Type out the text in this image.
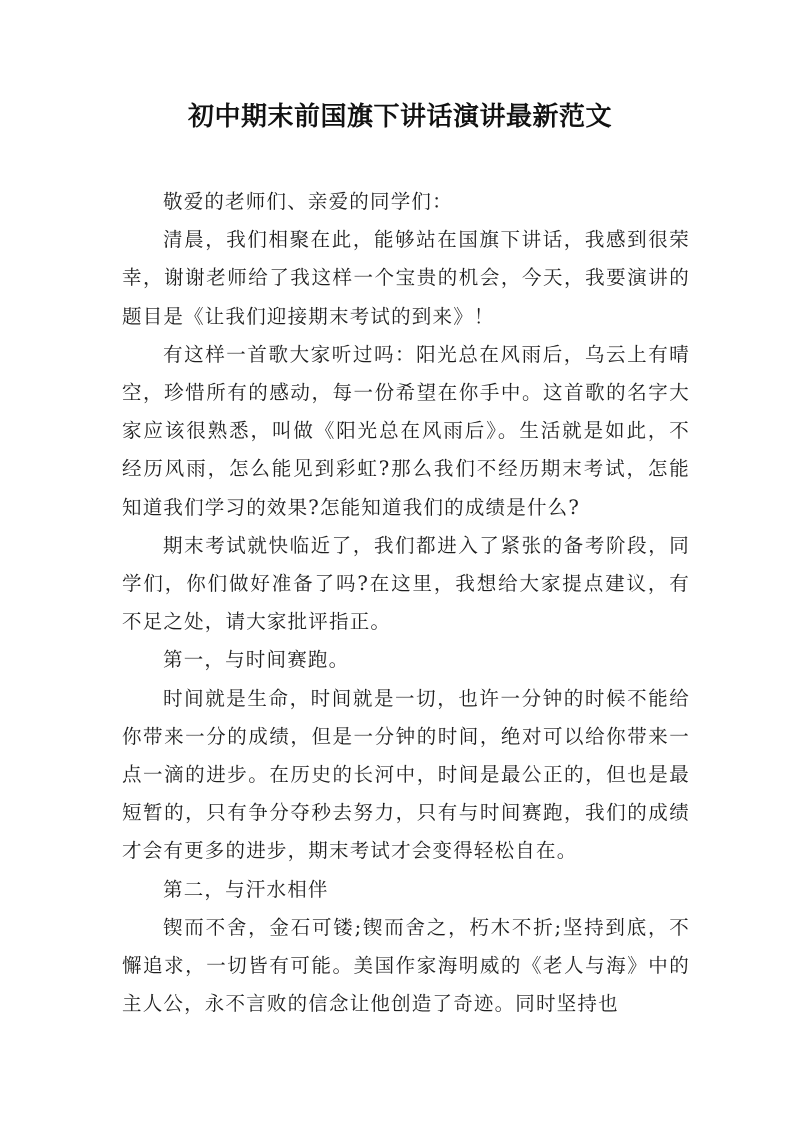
初中期末前国旗下讲话演讲最新范文

敬爱的老师们、亲爱的同学们：

清晨，我们相聚在此，能够站在国旗下讲话，我感到很荣幸，谢谢老师给了我这样一个宝贵的机会，今天，我要演讲的题目是《让我们迎接期末考试的到来》！

有这样一首歌大家听过吗：阳光总在风雨后，乌云上有晴空，珍惜所有的感动，每一份希望在你手中。这首歌的名字大家应该很熟悉，叫做《阳光总在风雨后》。生活就是如此，不经历风雨，怎么能见到彩虹?那么我们不经历期末考试，怎能知道我们学习的效果?怎能知道我们的成绩是什么?

期末考试就快临近了，我们都进入了紧张的备考阶段，同学们，你们做好准备了吗?在这里，我想给大家提点建议，有不足之处，请大家批评指正。

第一，与时间赛跑。

时间就是生命，时间就是一切，也许一分钟的时候不能给你带来一分的成绩，但是一分钟的时间，绝对可以给你带来一点一滴的进步。在历史的长河中，时间是最公正的，但也是最短暂的，只有争分夺秒去努力，只有与时间赛跑，我们的成绩才会有更多的进步，期末考试才会变得轻松自在。

第二，与汗水相伴

锲而不舍，金石可镂;锲而舍之，朽木不折;坚持到底，不懈追求，一切皆有可能。美国作家海明威的《老人与海》中的主人公，永不言败的信念让他创造了奇迹。同时坚持也
